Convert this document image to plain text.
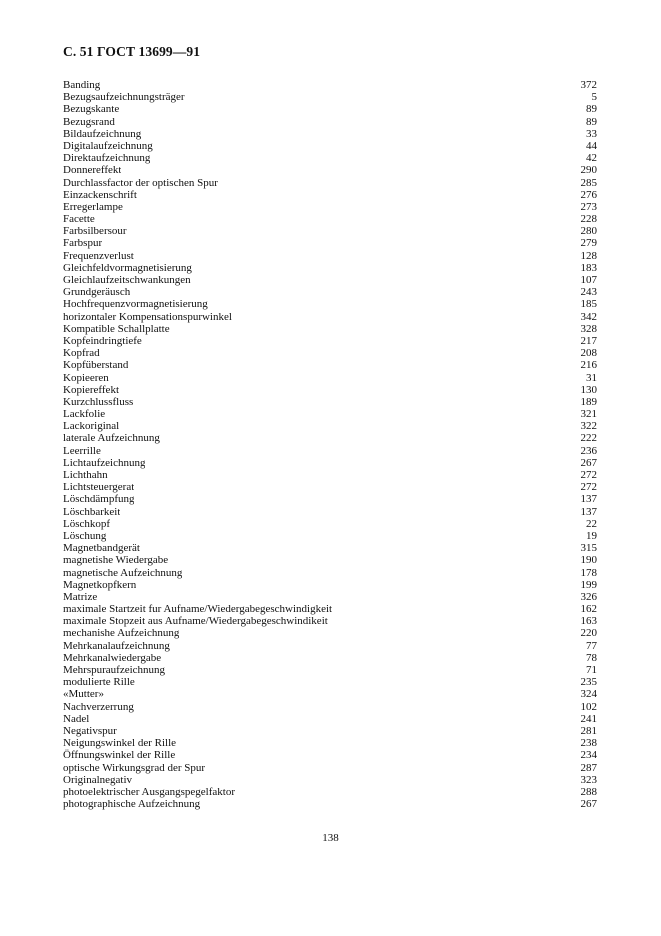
С. 51 ГОСТ 13699—91
Banding	372
Bezugsaufzeichnungsträger	5
Bezugskante	89
Bezugsrand	89
Bildaufzeichnung	33
Digitalaufzeichnung	44
Direktaufzeichnung	42
Donnereffekt	290
Durchlassfactor der optischen Spur	285
Einzackenschrift	276
Erregerlampe	273
Facette	228
Farbsilbersour	280
Farbspur	279
Frequenzverlust	128
Gleichfeldvormagnetisierung	183
Gleichlaufzeitschwankungen	107
Grundgeräusch	243
Hochfrequenzvormagnetisierung	185
horizontaler Kompensationspurwinkel	342
Kompatible Schallplatte	328
Kopfeindringtiefe	217
Kopfrad	208
Kopfüberstand	216
Kopieeren	31
Kopiereffekt	130
Kurzchlussfluss	189
Lackfolie	321
Lackoriginal	322
laterale Aufzeichnung	222
Leerrille	236
Lichtaufzeichnung	267
Lichthahn	272
Lichtsteuergerat	272
Löschdämpfung	137
Löschbarkeit	137
Löschkopf	22
Löschung	19
Magnetbandgerät	315
magnetishe Wiedergabe	190
magnetische Aufzeichnung	178
Magnetkopfkern	199
Matrize	326
maximale Startzeit fur Aufname/Wiedergabegeschwindigkeit	162
maximale Stopzeit aus Aufname/Wiedergabegeschwindikeit	163
mechanishe Aufzeichnung	220
Mehrkanalaufzeichnung	77
Mehrkanalwiedergabe	78
Mehrspuraufzeichnung	71
modulierte Rille	235
«Mutter»	324
Nachverzerrung	102
Nadel	241
Negativspur	281
Neigungswinkel der Rille	238
Öffnungswinkel der Rille	234
optische Wirkungsgrad der Spur	287
Originalnegativ	323
photoelektrischer Ausgangspegelfaktor	288
photographische Aufzeichnung	267
138
